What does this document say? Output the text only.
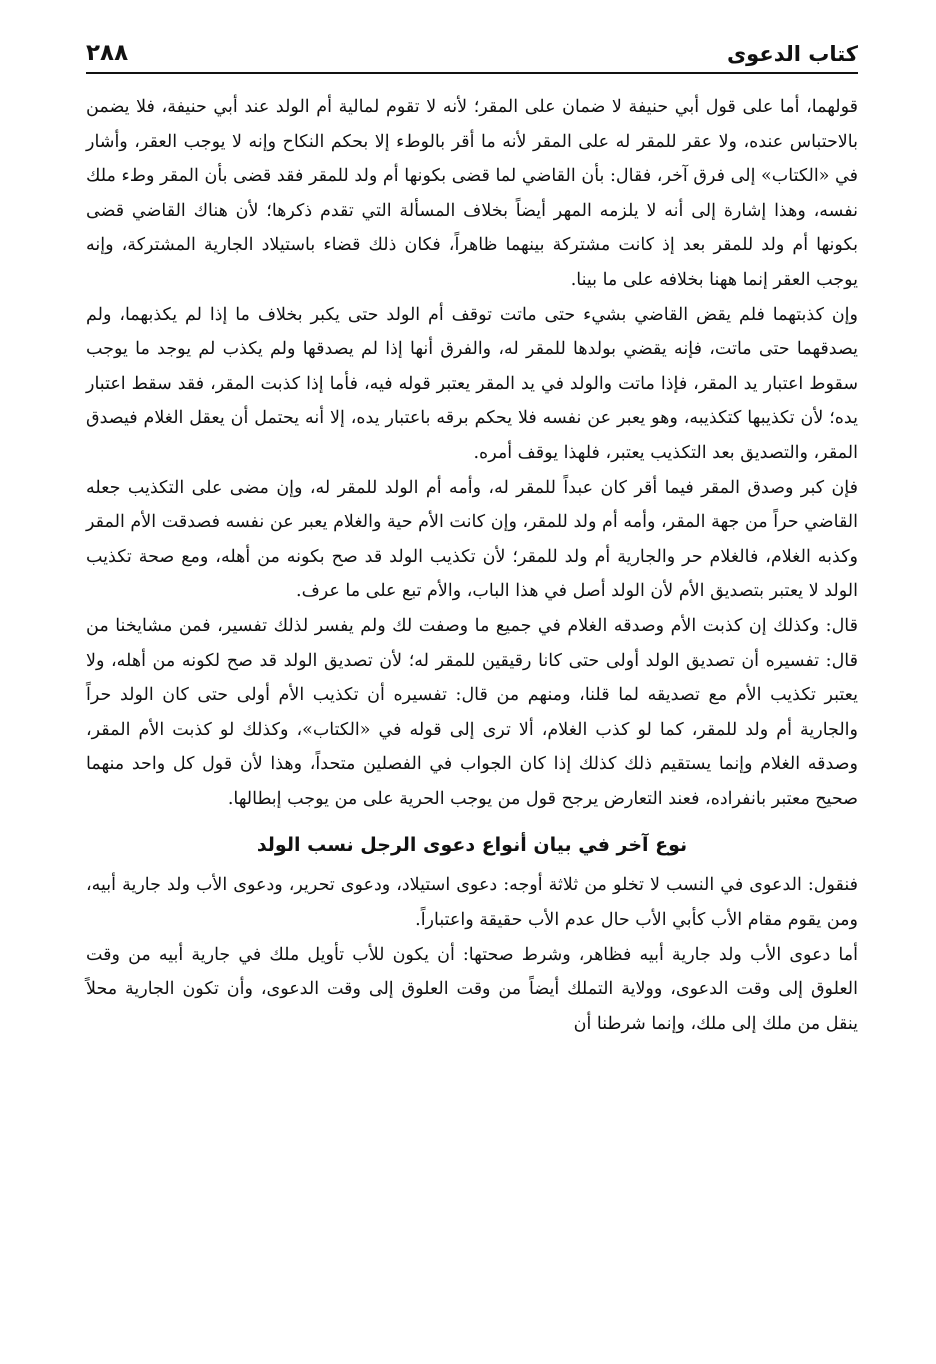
كتاب الدعوى
٢٨٨

قولهما، أما على قول أبي حنيفة لا ضمان على المقر؛ لأنه لا تقوم لمالية أم الولد عند أبي حنيفة، فلا يضمن بالاحتباس عنده، ولا عقر للمقر له على المقر لأنه ما أقر بالوطء إلا بحكم النكاح وإنه لا يوجب العقر، وأشار في «الكتاب» إلى فرق آخر، فقال: بأن القاضي لما قضى بكونها أم ولد للمقر فقد قضى بأن المقر وطء ملك نفسه، وهذا إشارة إلى أنه لا يلزمه المهر أيضاً بخلاف المسألة التي تقدم ذكرها؛ لأن هناك القاضي قضى بكونها أم ولد للمقر بعد إذ كانت مشتركة بينهما ظاهراً، فكان ذلك قضاء باستيلاد الجارية المشتركة، وإنه يوجب العقر إنما ههنا بخلافه على ما بينا.

وإن كذبتهما فلم يقض القاضي بشيء حتى ماتت توقف أم الولد حتى يكبر بخلاف ما إذا لم يكذبهما، ولم يصدقهما حتى ماتت، فإنه يقضي بولدها للمقر له، والفرق أنها إذا لم يصدقها ولم يكذب لم يوجد ما يوجب سقوط اعتبار يد المقر، فإذا ماتت والولد في يد المقر يعتبر قوله فيه، فأما إذا كذبت المقر، فقد سقط اعتبار يده؛ لأن تكذيبها كتكذيبه، وهو يعبر عن نفسه فلا يحكم برقه باعتبار يده، إلا أنه يحتمل أن يعقل الغلام فيصدق المقر، والتصديق بعد التكذيب يعتبر، فلهذا يوقف أمره.

فإن كبر وصدق المقر فيما أقر كان عبداً للمقر له، وأمه أم الولد للمقر له، وإن مضى على التكذيب جعله القاضي حراً من جهة المقر، وأمه أم ولد للمقر، وإن كانت الأم حية والغلام يعبر عن نفسه فصدقت الأم المقر وكذبه الغلام، فالغلام حر والجارية أم ولد للمقر؛ لأن تكذيب الولد قد صح بكونه من أهله، ومع صحة تكذيب الولد لا يعتبر بتصديق الأم لأن الولد أصل في هذا الباب، والأم تبع على ما عرف.

قال: وكذلك إن كذبت الأم وصدقه الغلام في جميع ما وصفت لك ولم يفسر لذلك تفسير، فمن مشايخنا من قال: تفسيره أن تصديق الولد أولى حتى كانا رقيقين للمقر له؛ لأن تصديق الولد قد صح لكونه من أهله، ولا يعتبر تكذيب الأم مع تصديقه لما قلنا، ومنهم من قال: تفسيره أن تكذيب الأم أولى حتى كان الولد حراً والجارية أم ولد للمقر، كما لو كذب الغلام، ألا ترى إلى قوله في «الكتاب»، وكذلك لو كذبت الأم المقر، وصدقه الغلام وإنما يستقيم ذلك كذلك إذا كان الجواب في الفصلين متحداً، وهذا لأن قول كل واحد منهما صحيح معتبر بانفراده، فعند التعارض يرجح قول من يوجب الحرية على من يوجب إبطالها.

نوع آخر في بيان أنواع دعوى الرجل نسب الولد

فنقول: الدعوى في النسب لا تخلو من ثلاثة أوجه: دعوى استيلاد، ودعوى تحرير، ودعوى الأب ولد جارية أبيه، ومن يقوم مقام الأب كأبي الأب حال عدم الأب حقيقة واعتباراً.

أما دعوى الأب ولد جارية أبيه فظاهر، وشرط صحتها: أن يكون للأب تأويل ملك في جارية أبيه من وقت العلوق إلى وقت الدعوى، وولاية التملك أيضاً من وقت العلوق إلى وقت الدعوى، وأن تكون الجارية محلاً ينقل من ملك إلى ملك، وإنما شرطنا أن
